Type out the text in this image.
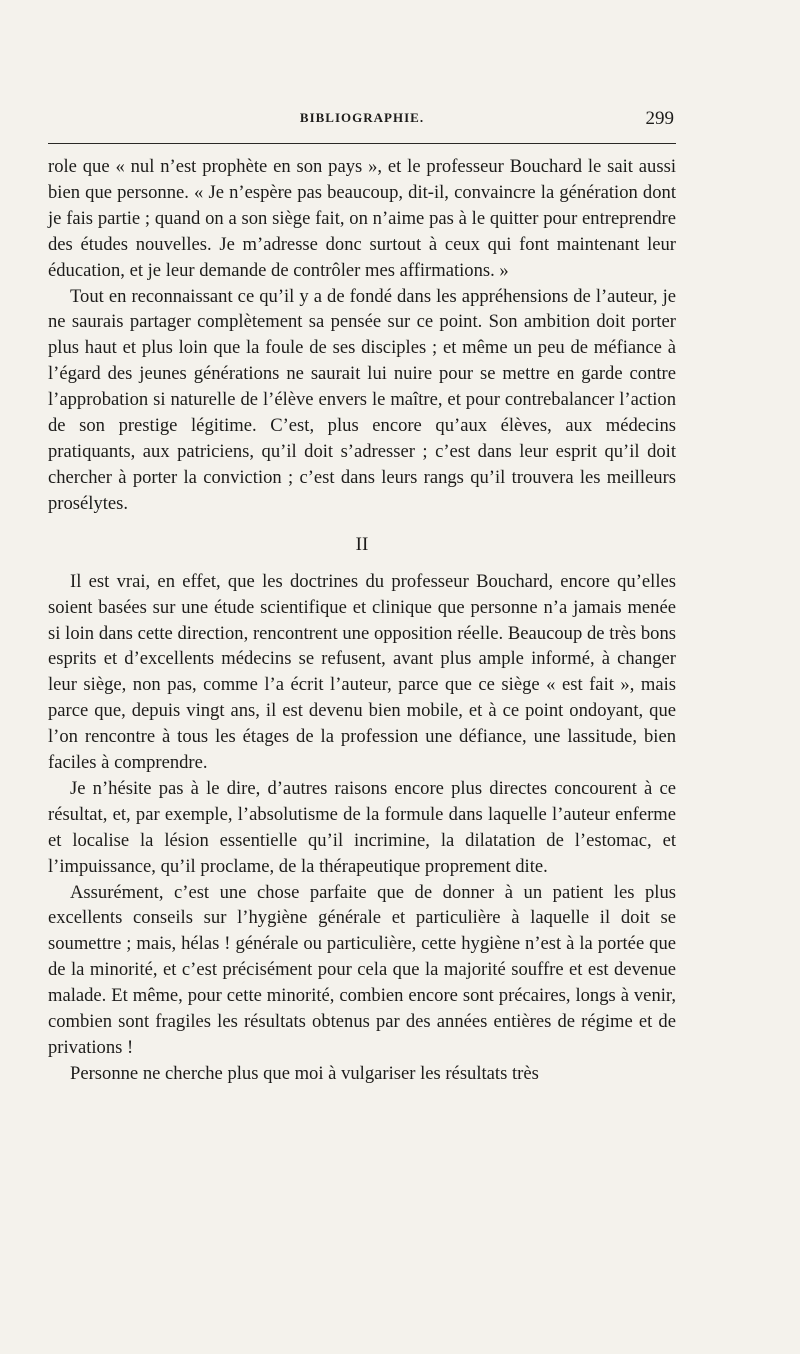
BIBLIOGRAPHIE.	299

role que « nul n’est prophète en son pays », et le professeur Bouchard le sait aussi bien que personne. « Je n’espère pas beaucoup, dit-il, convaincre la génération dont je fais partie ; quand on a son siège fait, on n’aime pas à le quitter pour entreprendre des études nouvelles. Je m’adresse donc surtout à ceux qui font maintenant leur éducation, et je leur demande de contrôler mes affirmations. »

Tout en reconnaissant ce qu’il y a de fondé dans les appréhensions de l’auteur, je ne saurais partager complètement sa pensée sur ce point. Son ambition doit porter plus haut et plus loin que la foule de ses disciples ; et même un peu de méfiance à l’égard des jeunes générations ne saurait lui nuire pour se mettre en garde contre l’approbation si naturelle de l’élève envers le maître, et pour contrebalancer l’action de son prestige légitime. C’est, plus encore qu’aux élèves, aux médecins pratiquants, aux patriciens, qu’il doit s’adresser ; c’est dans leur esprit qu’il doit chercher à porter la conviction ; c’est dans leurs rangs qu’il trouvera les meilleurs prosélytes.

II

Il est vrai, en effet, que les doctrines du professeur Bouchard, encore qu’elles soient basées sur une étude scientifique et clinique que personne n’a jamais menée si loin dans cette direction, rencontrent une opposition réelle. Beaucoup de très bons esprits et d’excellents médecins se refusent, avant plus ample informé, à changer leur siège, non pas, comme l’a écrit l’auteur, parce que ce siège « est fait », mais parce que, depuis vingt ans, il est devenu bien mobile, et à ce point ondoyant, que l’on rencontre à tous les étages de la profession une défiance, une lassitude, bien faciles à comprendre.

Je n’hésite pas à le dire, d’autres raisons encore plus directes concourent à ce résultat, et, par exemple, l’absolutisme de la formule dans laquelle l’auteur enferme et localise la lésion essentielle qu’il incrimine, la dilatation de l’estomac, et l’impuissance, qu’il proclame, de la thérapeutique proprement dite.

Assurément, c’est une chose parfaite que de donner à un patient les plus excellents conseils sur l’hygiène générale et particulière à laquelle il doit se soumettre ; mais, hélas ! générale ou particulière, cette hygiène n’est à la portée que de la minorité, et c’est précisément pour cela que la majorité souffre et est devenue malade. Et même, pour cette minorité, combien encore sont précaires, longs à venir, combien sont fragiles les résultats obtenus par des années entières de régime et de privations !

Personne ne cherche plus que moi à vulgariser les résultats très
